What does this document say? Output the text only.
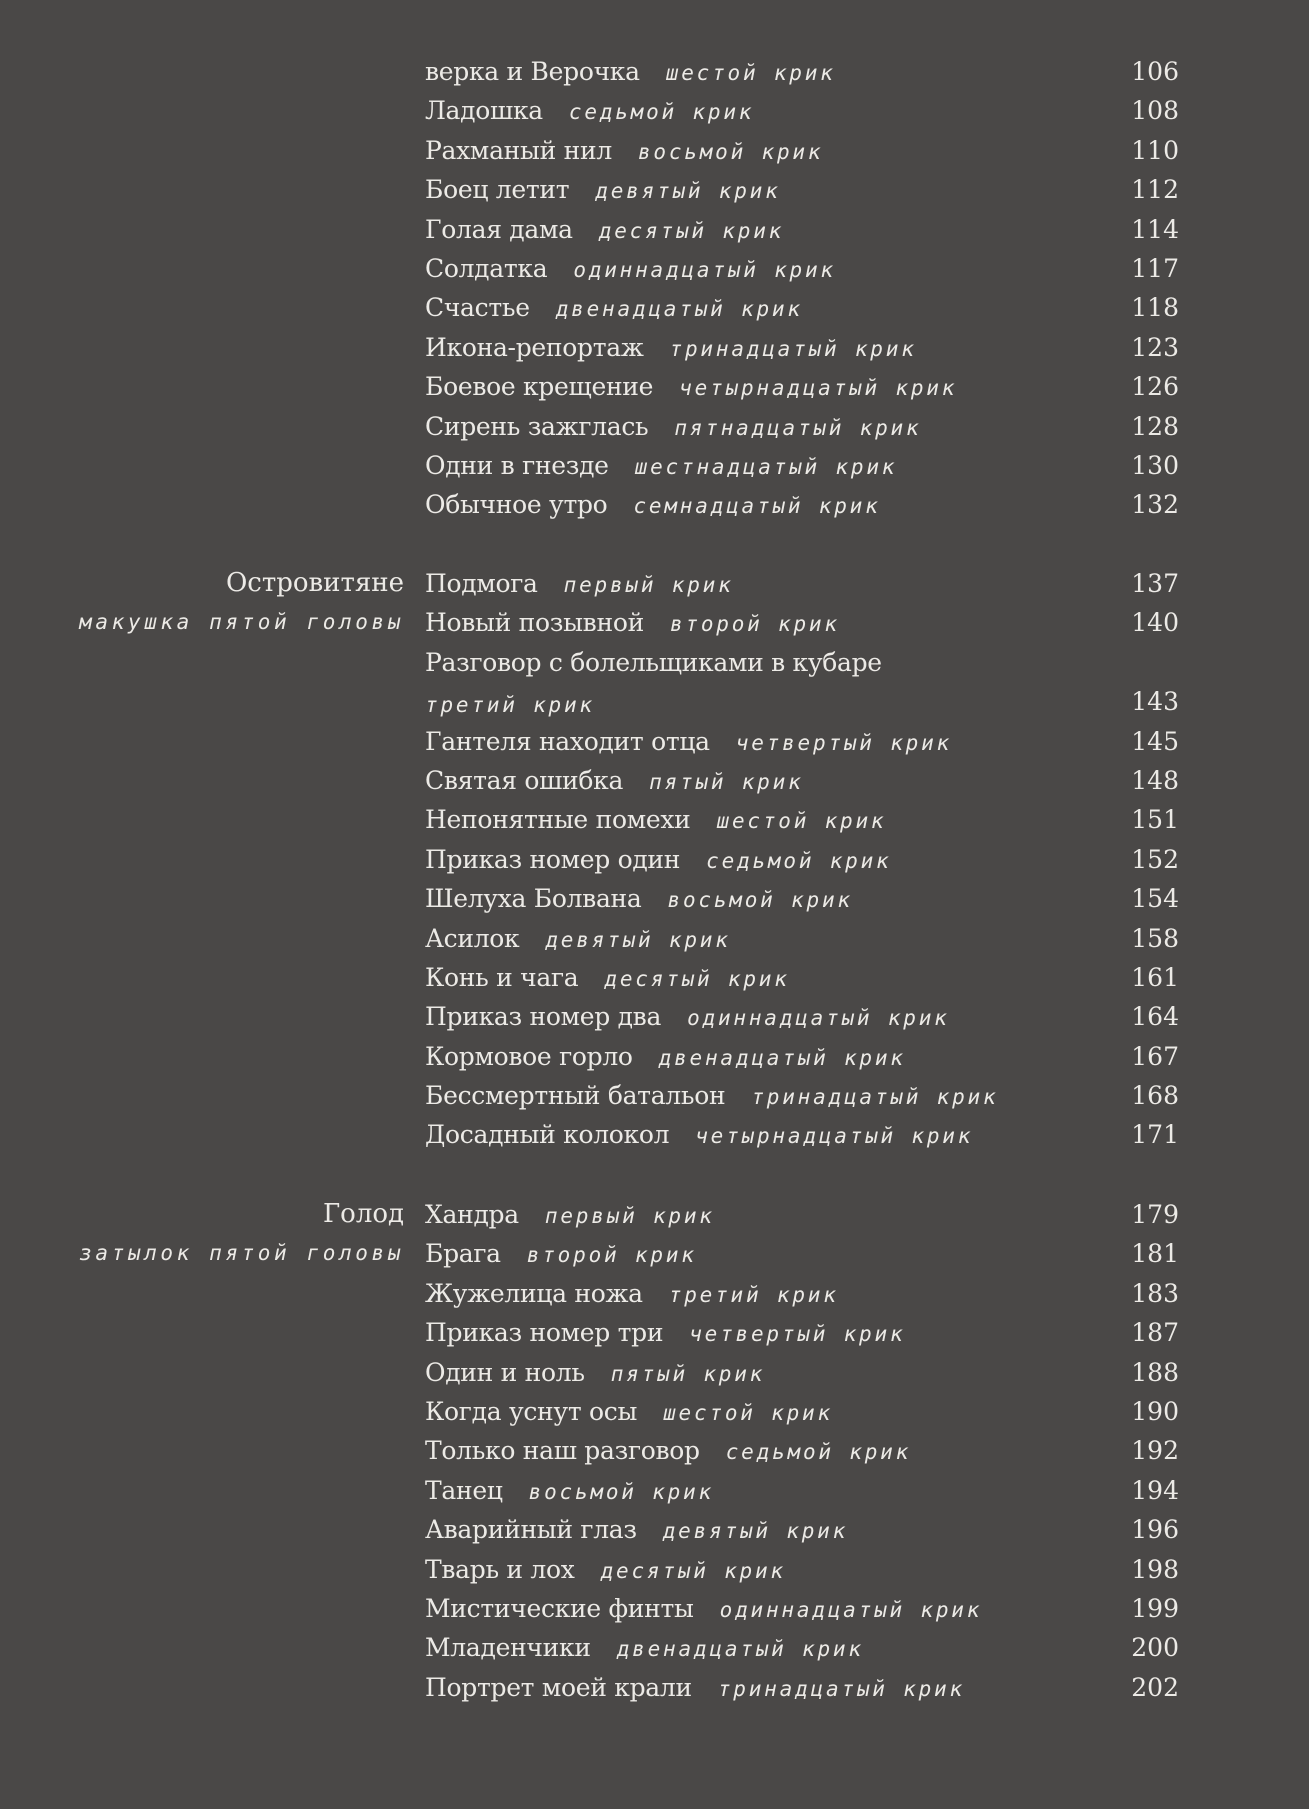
верка и Верочка шестой крик	106
Ладошка седьмой крик	108
Рахманый нил восьмой крик	110
Боец летит девятый крик	112
Голая дама десятый крик	114
Солдатка одиннадцатый крик	117
Счастье двенадцатый крик	118
Икона-репортаж тринадцатый крик	123
Боевое крещение четырнадцатый крик	126
Сирень зажглась пятнадцатый крик	128
Одни в гнезде шестнадцатый крик	130
Обычное утро семнадцатый крик	132
Островитяне
макушка пятой головы
Подмога первый крик	137
Новый позывной второй крик	140
Разговор с болельщиками в кубаре
третий крик	143
Гантеля находит отца четвертый крик	145
Святая ошибка пятый крик	148
Непонятные помехи шестой крик	151
Приказ номер один седьмой крик	152
Шелуха Болвана восьмой крик	154
Асилок девятый крик	158
Конь и чага десятый крик	161
Приказ номер два одиннадцатый крик	164
Кормовое горло двенадцатый крик	167
Бессмертный батальон тринадцатый крик	168
Досадный колокол четырнадцатый крик	171
Голод
затылок пятой головы
Хандра первый крик	179
Брага второй крик	181
Жужелица ножа третий крик	183
Приказ номер три четвертый крик	187
Один и ноль пятый крик	188
Когда уснут осы шестой крик	190
Только наш разговор седьмой крик	192
Танец восьмой крик	194
Аварийный глаз девятый крик	196
Тварь и лох десятый крик	198
Мистические финты одиннадцатый крик	199
Младенчики двенадцатый крик	200
Портрет моей крали тринадцатый крик	202
